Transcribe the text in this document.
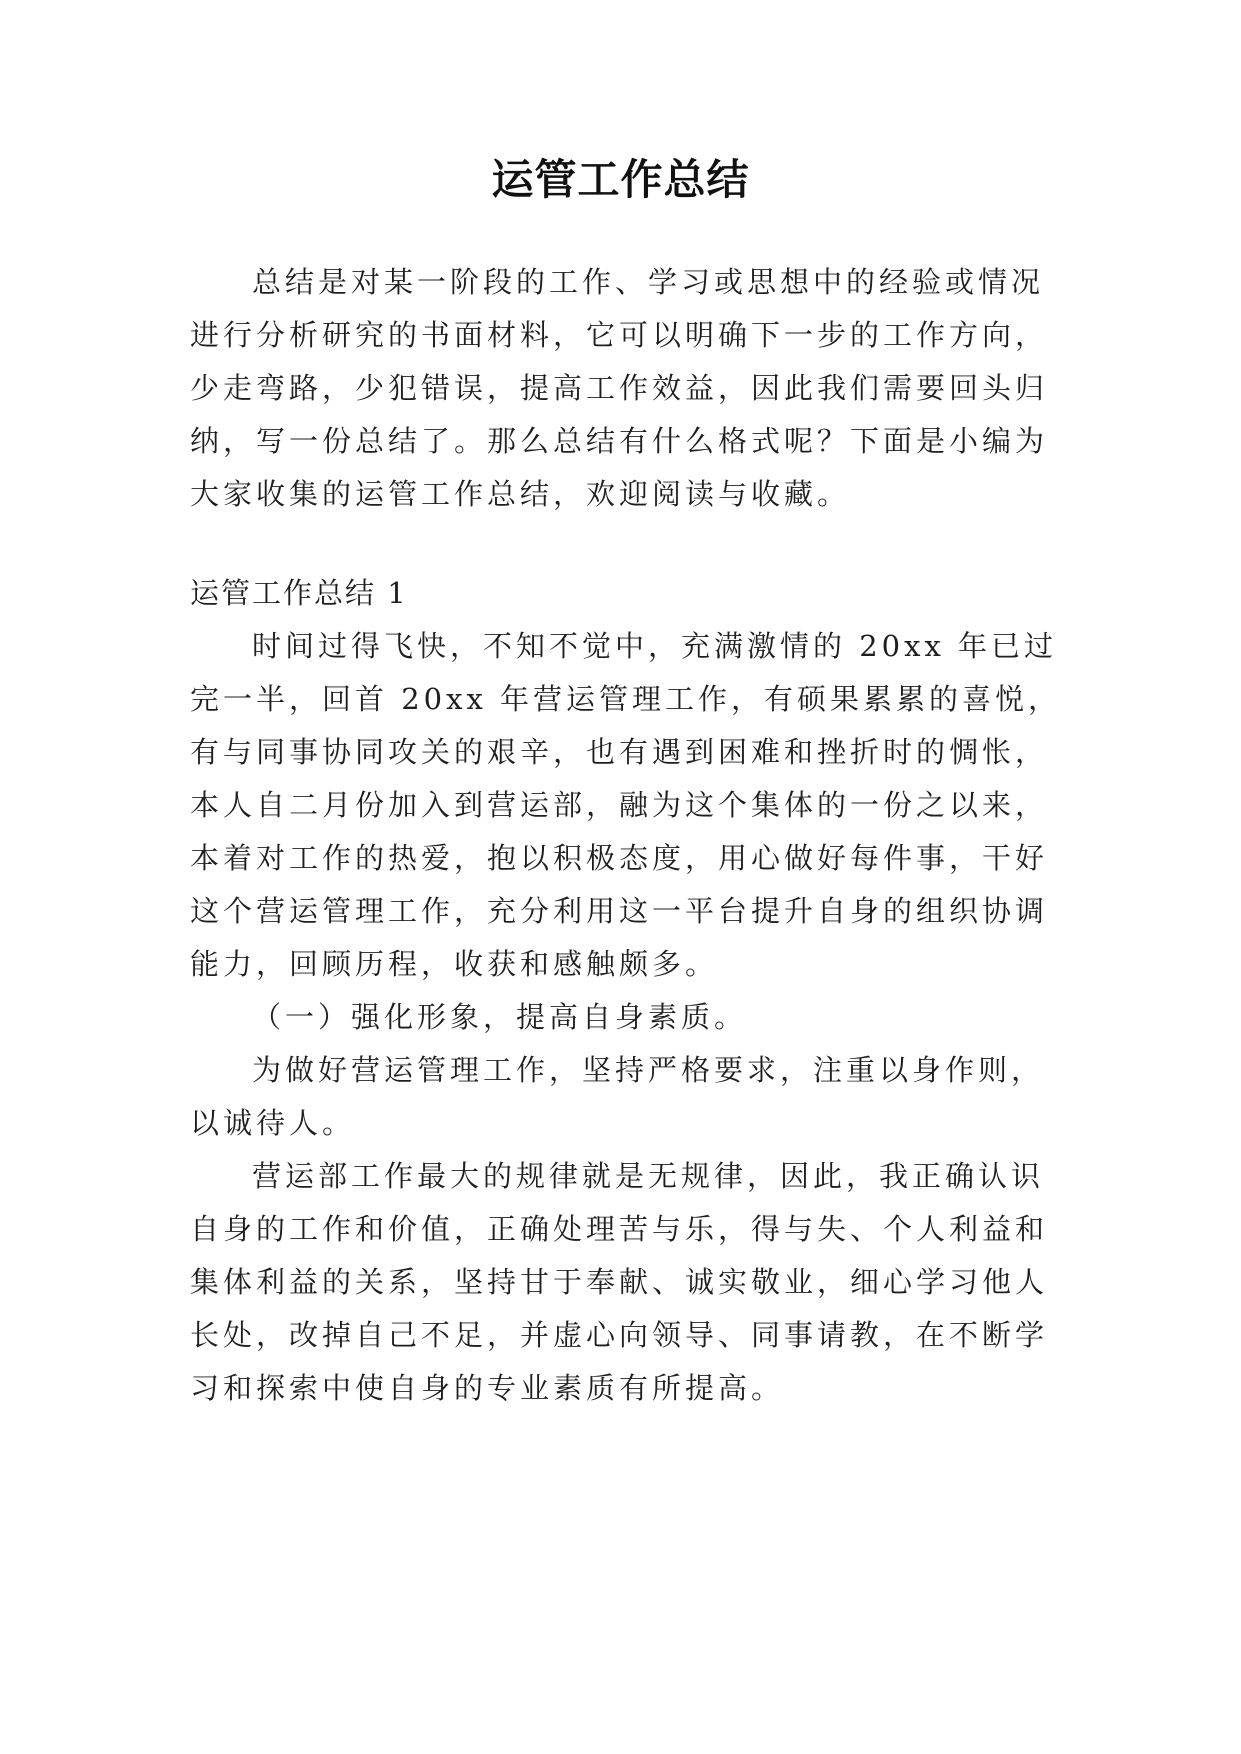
运管工作总结
总结是对某一阶段的工作、学习或思想中的经验或情况
进行分析研究的书面材料，它可以明确下一步的工作方向，
少走弯路，少犯错误，提高工作效益，因此我们需要回头归
纳，写一份总结了。那么总结有什么格式呢？下面是小编为
大家收集的运管工作总结，欢迎阅读与收藏。
运管工作总结 1
时间过得飞快，不知不觉中，充满激情的 20xx 年已过
完一半，回首 20xx 年营运管理工作，有硕果累累的喜悦，
有与同事协同攻关的艰辛，也有遇到困难和挫折时的惆怅，
本人自二月份加入到营运部，融为这个集体的一份之以来，
本着对工作的热爱，抱以积极态度，用心做好每件事，干好
这个营运管理工作，充分利用这一平台提升自身的组织协调
能力，回顾历程，收获和感触颇多。
（一）强化形象，提高自身素质。
为做好营运管理工作，坚持严格要求，注重以身作则，
以诚待人。
营运部工作最大的规律就是无规律，因此，我正确认识
自身的工作和价值，正确处理苦与乐，得与失、个人利益和
集体利益的关系，坚持甘于奉献、诚实敬业，细心学习他人
长处，改掉自己不足，并虚心向领导、同事请教，在不断学
习和探索中使自身的专业素质有所提高。
